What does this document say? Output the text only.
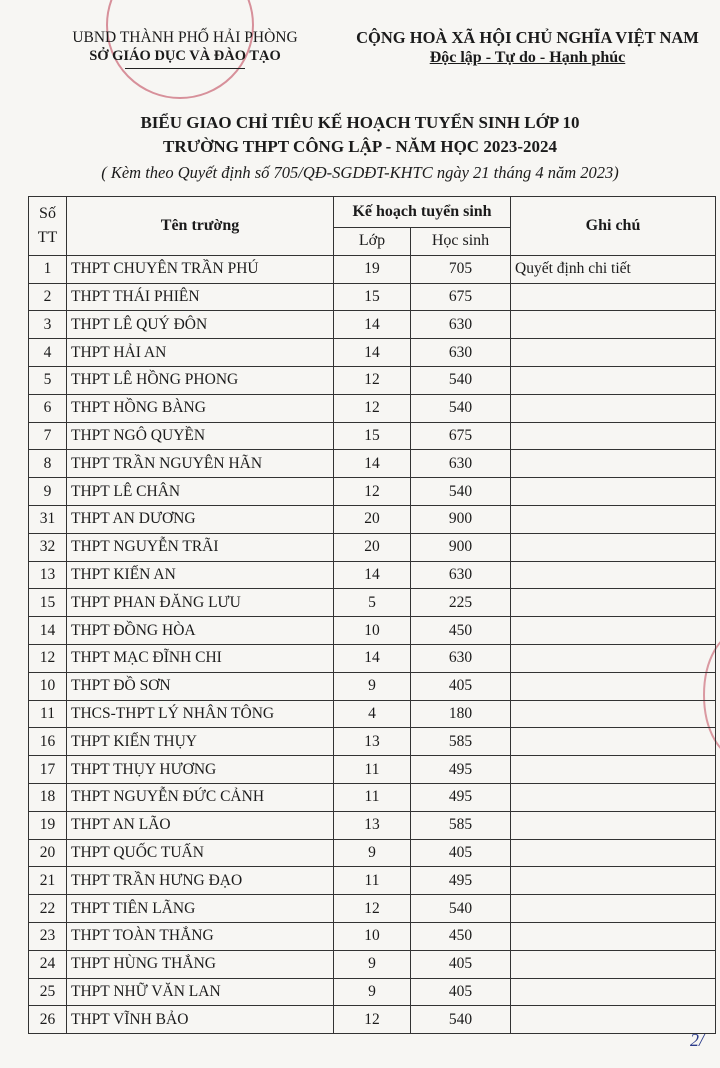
UBND THÀNH PHỐ HẢI PHÒNG
SỞ GIÁO DỤC VÀ ĐÀO TẠO
CỘNG HOÀ XÃ HỘI CHỦ NGHĨA VIỆT NAM
Độc lập - Tự do - Hạnh phúc
BIỂU GIAO CHỈ TIÊU KẾ HOẠCH TUYỂN SINH LỚP 10
TRƯỜNG THPT CÔNG LẬP - NĂM HỌC 2023-2024
( Kèm theo Quyết định số 705/QĐ-SGDĐT-KHTC ngày 21 tháng 4 năm 2023)
Số TT	Tên trường	Kế hoạch tuyển sinh		Ghi chú
		Lớp	Học sinh	
1	THPT CHUYÊN TRẦN PHÚ	19	705	Quyết định chi tiết
2	THPT THÁI PHIÊN	15	675	
3	THPT LÊ QUÝ ĐÔN	14	630	
4	THPT HẢI AN	14	630	
5	THPT LÊ HỒNG PHONG	12	540	
6	THPT HỒNG BÀNG	12	540	
7	THPT NGÔ QUYỀN	15	675	
8	THPT TRẦN NGUYÊN HÃN	14	630	
9	THPT LÊ CHÂN	12	540	
31	THPT AN DƯƠNG	20	900	
32	THPT NGUYỄN TRÃI	20	900	
13	THPT KIẾN AN	14	630	
15	THPT PHAN ĐĂNG LƯU	5	225	
14	THPT ĐỒNG HÒA	10	450	
12	THPT MẠC ĐĨNH CHI	14	630	
10	THPT ĐỒ SƠN	9	405	
11	THCS-THPT LÝ NHÂN TÔNG	4	180	
16	THPT KIẾN THỤY	13	585	
17	THPT THỤY HƯƠNG	11	495	
18	THPT NGUYỄN ĐỨC CẢNH	11	495	
19	THPT AN LÃO	13	585	
20	THPT QUỐC TUẤN	9	405	
21	THPT TRẦN HƯNG ĐẠO	11	495	
22	THPT TIÊN LÃNG	12	540	
23	THPT TOÀN THẮNG	10	450	
24	THPT HÙNG THẮNG	9	405	
25	THPT NHỮ VĂN LAN	9	405	
26	THPT VĨNH BẢO	12	540	
2/
